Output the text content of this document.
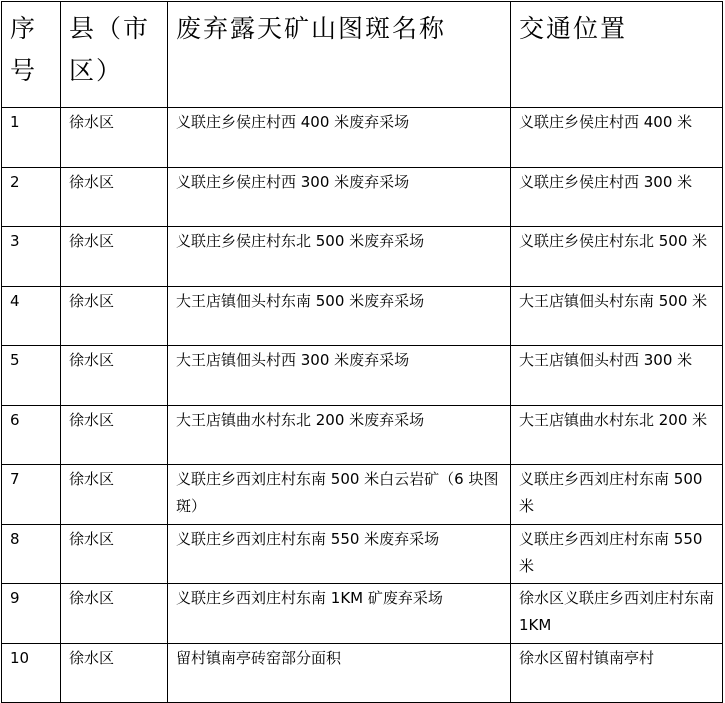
序号	县（市区）	废弃露天矿山图斑名称	交通位置
1	徐水区	义联庄乡侯庄村西 400 米废弃采场	义联庄乡侯庄村西 400 米
2	徐水区	义联庄乡侯庄村西 300 米废弃采场	义联庄乡侯庄村西 300 米
3	徐水区	义联庄乡侯庄村东北 500 米废弃采场	义联庄乡侯庄村东北 500 米
4	徐水区	大王店镇佃头村东南 500 米废弃采场	大王店镇佃头村东南 500 米
5	徐水区	大王店镇佃头村西 300 米废弃采场	大王店镇佃头村西 300 米
6	徐水区	大王店镇曲水村东北 200 米废弃采场	大王店镇曲水村东北 200 米
7	徐水区	义联庄乡西刘庄村东南 500 米白云岩矿（6 块图斑）	义联庄乡西刘庄村东南 500 米
8	徐水区	义联庄乡西刘庄村东南 550 米废弃采场	义联庄乡西刘庄村东南 550 米
9	徐水区	义联庄乡西刘庄村东南 1KM 矿废弃采场	徐水区义联庄乡西刘庄村东南 1KM
10	徐水区	留村镇南亭砖窑部分面积	徐水区留村镇南亭村
